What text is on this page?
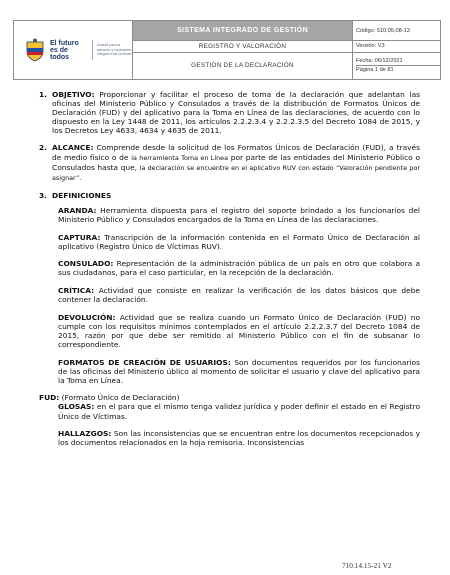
El futuro
es de todos
Unidad para la atención y reparación integral a las víctimas	SISTEMA INTEGRADO DE GESTIÓN	Código: 510,05,08-13
	REGISTRO Y VALORACIÓN	Versión: V3
	GESTIÓN DE LA DECLARACIÓN	Fecha: 06/12/2021
Página 1 de 81
1. OBJETIVO: Proporcionar y facilitar el proceso de toma de la declaración que adelantan las oficinas del Ministerio Público y Consulados a través de la distribución de Formatos Únicos de Declaración (FUD) y del aplicativo para la Toma en Línea de las declaraciones, de acuerdo con lo dispuesto en la Ley 1448 de 2011, los artículos 2.2.2.3.4 y 2.2.2.3.5 del Decreto 1084 de 2015, y los Decretos Ley 4633, 4634 y 4635 de 2011.
2. ALCANCE: Comprende desde la solicitud de los Formatos Únicos de Declaración (FUD), a través de medio físico o de la herramienta Toma en Línea por parte de las entidades del Ministerio Público o Consulados hasta que, la declaración se encuentre en el aplicativo RUV con estado “Valoración pendiente por asignar”.
3. DEFINICIONES
ARANDA: Herramienta dispuesta para el registro del soporte brindado a los funcionarios del Ministerio Público y Consulados encargados de la Toma en Línea de las declaraciones.
CAPTURA: Transcripción de la información contenida en el Formato Único de Declaración al aplicativo (Registro Único de Víctimas RUV).
CONSULADO: Representación de la administración pública de un país en otro que colabora a sus ciudadanos, para el caso particular, en la recepción de la declaración.
CRÍTICA: Actividad que consiste en realizar la verificación de los datos básicos que debe contener la declaración.
DEVOLUCIÓN: Actividad que se realiza cuando un Formato Único de Declaración (FUD) no cumple con los requisitos mínimos contemplados en el artículo 2.2.2.3.7 del Decreto 1084 de 2015, razón por que debe ser remitido al Ministerio Público con el fin de subsanar lo correspondiente.
FORMATOS DE CREACIÓN DE USUARIOS: Son documentos requeridos por los funcionarios de las oficinas del Ministerio úblico al momento de solicitar el usuario y clave del aplicativo para la Toma en Línea.
FUD: (Formato Único de Declaración)
GLOSAS: en el para que el mismo tenga validez jurídica y poder definir el estado en el Registro Único de Víctimas.
HALLAZGOS: Son las inconsistencias que se encuentran entre los documentos recepcionados y los documentos relacionados en la hoja remisoria. Inconsistencias
710.14.15-21 V2
